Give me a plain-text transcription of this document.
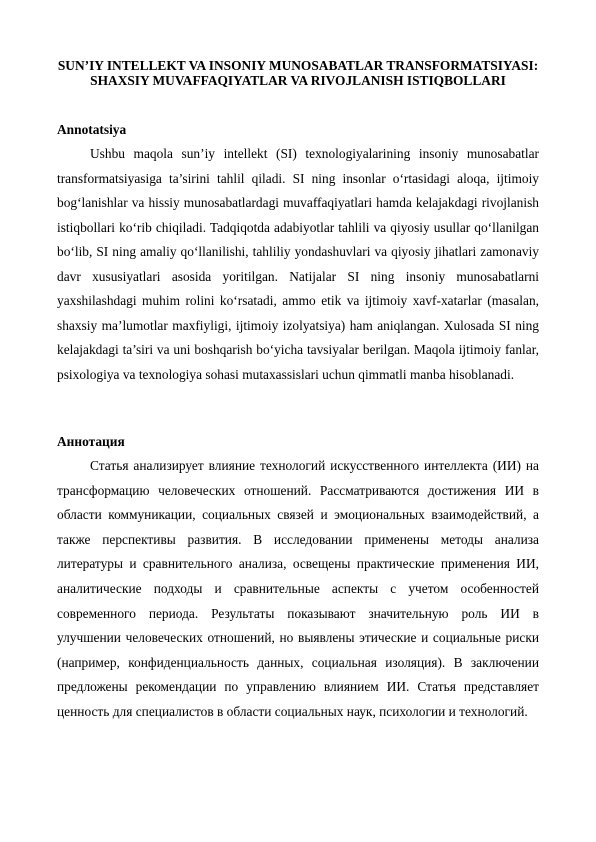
SUN’IY INTELLEKT VA INSONIY MUNOSABATLAR TRANSFORMATSIYASI: SHAXSIY MUVAFFAQIYATLAR VA RIVOJLANISH ISTIQBOLLARI
Annotatsiya

Ushbu maqola sun’iy intellekt (SI) texnologiyalarining insoniy munosabatlar transformatsiyasiga ta’sirini tahlil qiladi. SI ning insonlar o‘rtasidagi aloqa, ijtimoiy bog‘lanishlar va hissiy munosabatlardagi muvaffaqiyatlari hamda kelajakdagi rivojlanish istiqbollari ko‘rib chiqiladi. Tadqiqotda adabiyotlar tahlili va qiyosiy usullar qo‘llanilgan bo‘lib, SI ning amaliy qo‘llanilishi, tahliliy yondashuvlari va qiyosiy jihatlari zamonaviy davr xususiyatlari asosida yoritilgan. Natijalar SI ning insoniy munosabatlarni yaxshilashdagi muhim rolini ko‘rsatadi, ammo etik va ijtimoiy xavf-xatarlar (masalan, shaxsiy ma’lumotlar maxfiyligi, ijtimoiy izolyatsiya) ham aniqlangan. Xulosada SI ning kelajakdagi ta’siri va uni boshqarish bo‘yicha tavsiyalar berilgan. Maqola ijtimoiy fanlar, psixologiya va texnologiya sohasi mutaxassislari uchun qimmatli manba hisoblanadi.

Аннотация

Статья анализирует влияние технологий искусственного интеллекта (ИИ) на трансформацию человеческих отношений. Рассматриваются достижения ИИ в области коммуникации, социальных связей и эмоциональных взаимодействий, а также перспективы развития. В исследовании применены методы анализа литературы и сравнительного анализа, освещены практические применения ИИ, аналитические подходы и сравнительные аспекты с учетом особенностей современного периода. Результаты показывают значительную роль ИИ в улучшении человеческих отношений, но выявлены этические и социальные риски (например, конфиденциальность данных, социальная изоляция). В заключении предложены рекомендации по управлению влиянием ИИ. Статья представляет ценность для специалистов в области социальных наук, психологии и технологий.
